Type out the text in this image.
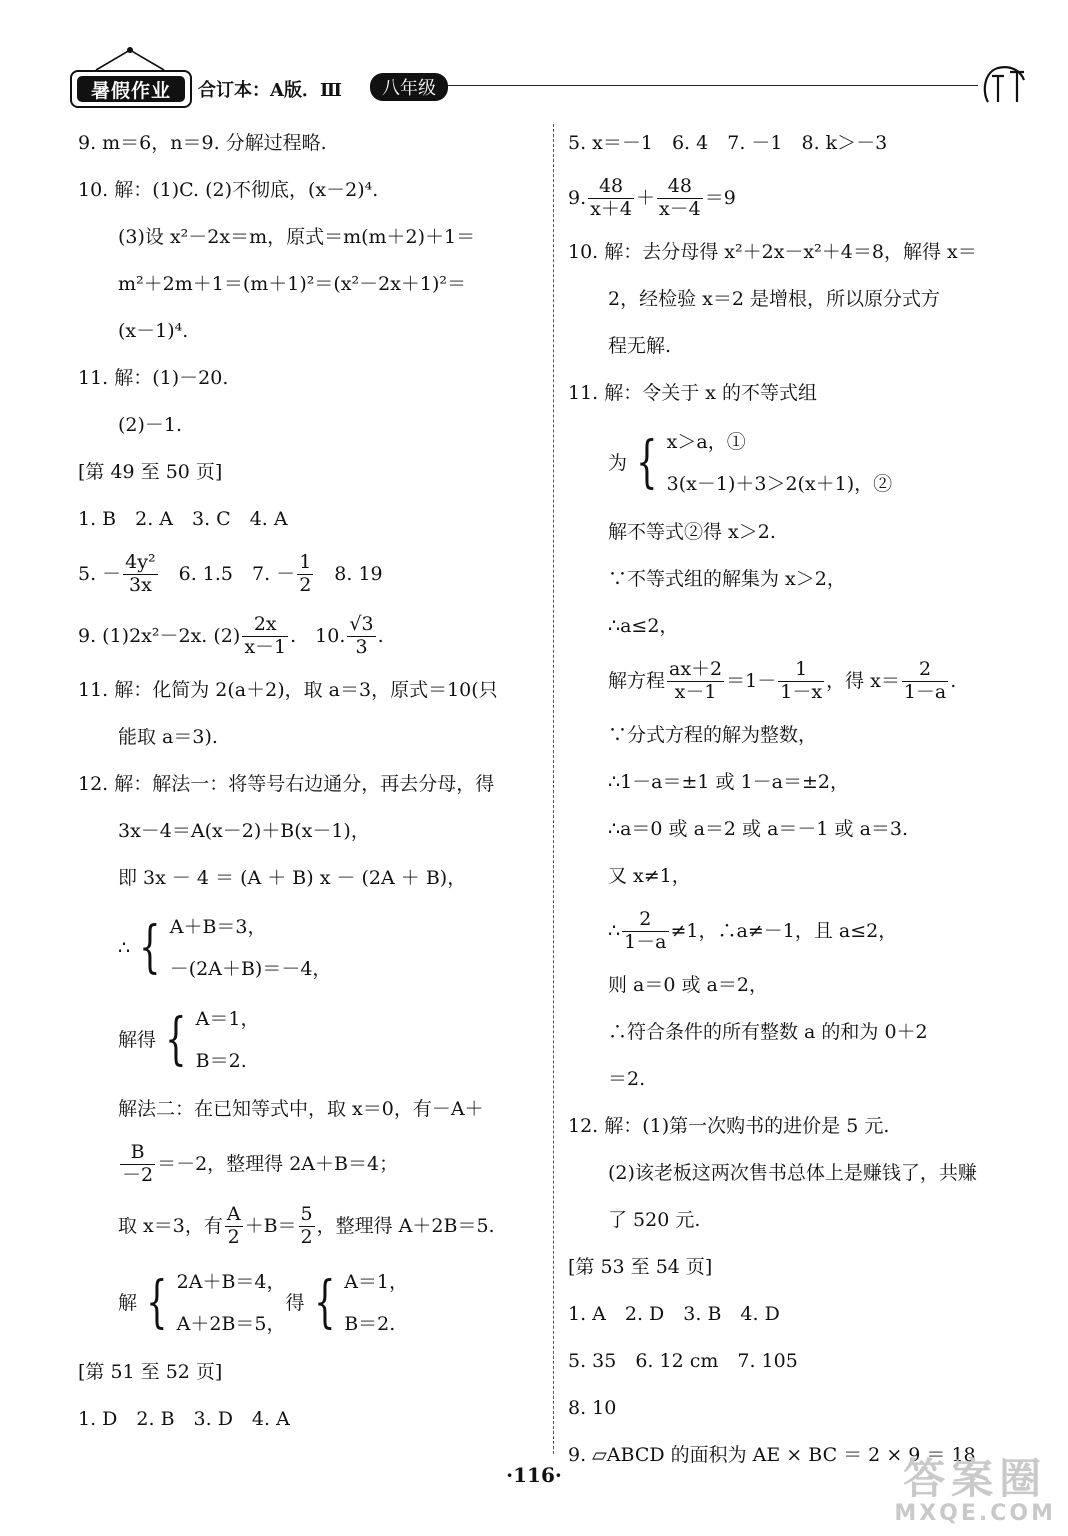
暑假作业	合订本：A版．Ⅲ	八年级
9. m＝6，n＝9. 分解过程略.
10. 解：(1)C. (2)不彻底，(x－2)⁴.
(3)设 x²－2x＝m，原式＝m(m＋2)＋1＝
m²＋2m＋1＝(m＋1)²＝(x²－2x＋1)²＝
(x－1)⁴.
11. 解：(1)－20.
(2)－1.
[第 49 至 50 页]
1. B　2. A　3. C　4. A
5. － $\frac{\text{4y²}}{3x}$ 　6. 1.5　7. － $\frac{1}{2}$ 　8. 19
9. (1)2x²－2x. $(2) \frac{2x}{x-1}$ .　10. $\frac{√3}{3}$ .
11. 解：化简为 2(a＋2)，取 a＝3，原式＝10(只
能取 a＝3).
12. 解：解法一：将等号右边通分，再去分母，得
3x－4＝A(x－2)＋B(x－1)，
即 3x － 4 ＝ (A ＋ B) x － (2A ＋ B)，
∴ { A＋B＝3，
－(2A＋B)＝－4，
解得 { A＝1，
B＝2.
解法二：在已知等式中，取 x＝0，有－A＋
$\frac{B}{-2} =-2$，整理得 2A＋B＝4；
取 x＝3，有 $\frac{A}{2} +B= \frac{5}{2}$ ，整理得 A＋2B＝5.
解 { 2A＋B＝4，
A＋2B＝5，
得 { A＝1，
B＝2.
[第 51 至 52 页]
1. D　2. B　3. D　4. A
5. x＝－1　6. 4　7. －1　8. k＞－3
9. $\frac{48}{x+4} + \frac{48}{x-4} =9$
10. 解：去分母得 x²＋2x－x²＋4＝8，解得 x＝
2，经检验 x＝2 是增根，所以原分式方
程无解.
11. 解：令关于 x 的不等式组
为 { x＞a，①
3(x－1)＋3＞2(x＋1)，②
解不等式②得 x＞2.
∵不等式组的解集为 x＞2，
∴a≤2，
解方程 $\frac{ax+2}{x-1} =1- \frac{1}{1-x}$ ，得 $x= \frac{2}{1-a}$ .
∵分式方程的解为整数，
∴1－a＝±1 或 1－a＝±2，
∴a＝0 或 a＝2 或 a＝－1 或 a＝3.
又 x≠1，
∴ $\frac{2}{1-a} \ne 1$，∴a≠－1，且 a≤2，
则 a＝0 或 a＝2，
∴符合条件的所有整数 a 的和为 0＋2
＝2.
12. 解：(1)第一次购书的进价是 5 元.
(2)该老板这两次售书总体上是赚钱了，共赚
了 520 元.
[第 53 至 54 页]
1. A　2. D　3. B　4. D
5. 35　6. 12 cm　7. 105
8. 10
9. ▱ABCD 的面积为 AE × BC ＝ 2 × 9 ＝ 18
·116·	答案圈
MXQE.COM
